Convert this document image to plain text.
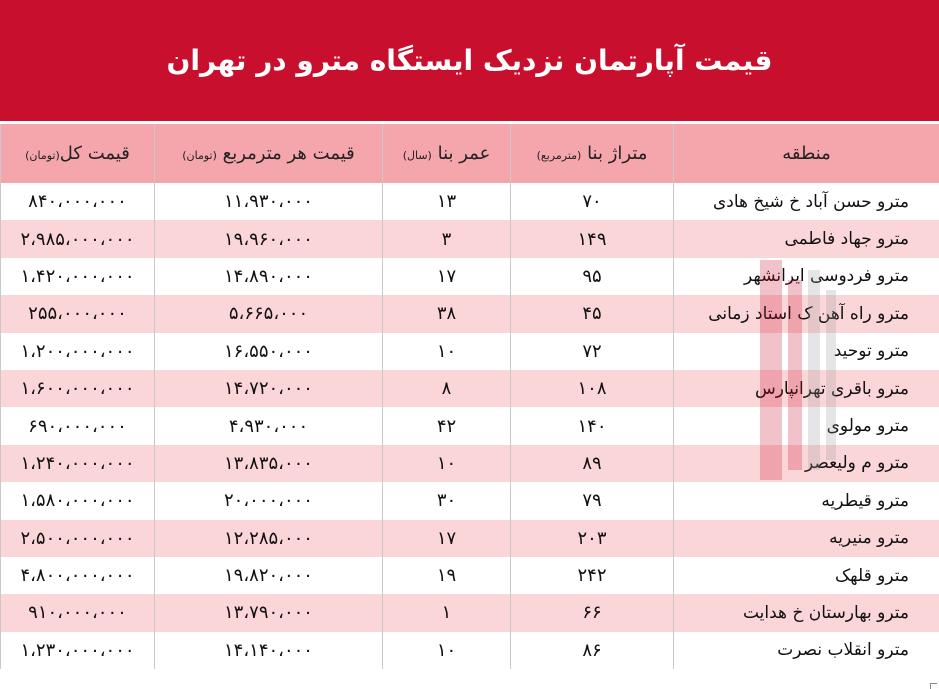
قیمت آپارتمان نزدیک ایستگاه مترو در تهران
منطقه	متراژ بنا (مترمربع)	عمر بنا (سال)	قیمت هر مترمربع (تومان)	قیمت کل(تومان)
مترو حسن آباد خ شیخ هادی	۷۰	۱۳	۱۱،۹۳۰،۰۰۰	۸۴۰،۰۰۰،۰۰۰
مترو جهاد فاطمی	۱۴۹	۳	۱۹،۹۶۰،۰۰۰	۲،۹۸۵،۰۰۰،۰۰۰
مترو فردوسی ایرانشهر	۹۵	۱۷	۱۴،۸۹۰،۰۰۰	۱،۴۲۰،۰۰۰،۰۰۰
مترو راه آهن ک استاد زمانی	۴۵	۳۸	۵،۶۶۵،۰۰۰	۲۵۵،۰۰۰،۰۰۰
مترو توحید	۷۲	۱۰	۱۶،۵۵۰،۰۰۰	۱،۲۰۰،۰۰۰،۰۰۰
مترو باقری تهرانپارس	۱۰۸	۸	۱۴،۷۲۰،۰۰۰	۱،۶۰۰،۰۰۰،۰۰۰
مترو مولوی	۱۴۰	۴۲	۴،۹۳۰،۰۰۰	۶۹۰،۰۰۰،۰۰۰
مترو م ولیعصر	۸۹	۱۰	۱۳،۸۳۵،۰۰۰	۱،۲۴۰،۰۰۰،۰۰۰
مترو قیطریه	۷۹	۳۰	۲۰،۰۰۰،۰۰۰	۱،۵۸۰،۰۰۰،۰۰۰
مترو منیریه	۲۰۳	۱۷	۱۲،۲۸۵،۰۰۰	۲،۵۰۰،۰۰۰،۰۰۰
مترو قلهک	۲۴۲	۱۹	۱۹،۸۲۰،۰۰۰	۴،۸۰۰،۰۰۰،۰۰۰
مترو بهارستان خ هدایت	۶۶	۱	۱۳،۷۹۰،۰۰۰	۹۱۰،۰۰۰،۰۰۰
مترو انقلاب نصرت	۸۶	۱۰	۱۴،۱۴۰،۰۰۰	۱،۲۳۰،۰۰۰،۰۰۰
